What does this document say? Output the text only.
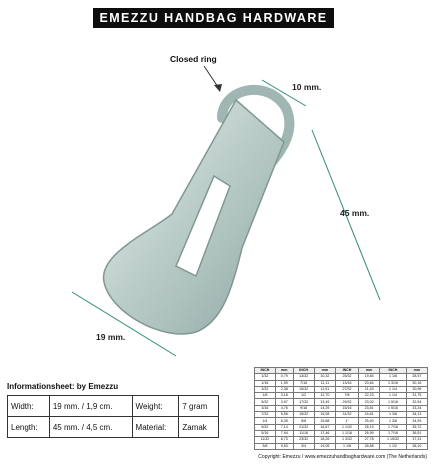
EMEZZU HANDBAG HARDWARE
Closed ring
10 mm.
45 mm.
19 mm.
Informationsheet: by Emezzu
Width:	19 mm. / 1,9 cm.	Weight:	7 gram
Length:	45 mm. / 4,5 cm.	Material:	Zamak
INCH	mm	INCH	mm	INCH	mm	INCH	mm
1/32	0,79	13/32	10,32	25/32	19,84	1 1/8	28,57
1/16	1,59	7/16	11,11	13/16	20,64	1 3/16	30,16
3/32	2,38	15/32	11,91	27/32	21,43	1 1/4	30,96
1/8	3,18	1/2	12,70	7/8	22,23	1 1/4	31,75
5/32	3,97	17/32	13,49	29/32	23,02	1 5/16	32,54
3/16	4,76	9/16	14,29	15/16	23,81	1 5/16	33,34
7/32	5,56	19/32	15,08	31/32	24,61	1 3/8	34,13
1/4	6,35	5/8	15,88	1"	25,40	1 3/8	34,93
9/32	7,14	21/32	16,67	1 1/32	26,19	1 7/16	35,72
5/16	7,94	11/16	17,46	1 1/16	26,99	1 7/16	36,51
11/32	8,73	23/32	18,26	1 3/32	27,78	1 15/32	37,31
3/8	9,53	3/4	19,05	1 1/8	28,58	1 1/2	38,10
Copyright: Emezzu / www.emezzuhandbaghardware.com (The Netherlands)
